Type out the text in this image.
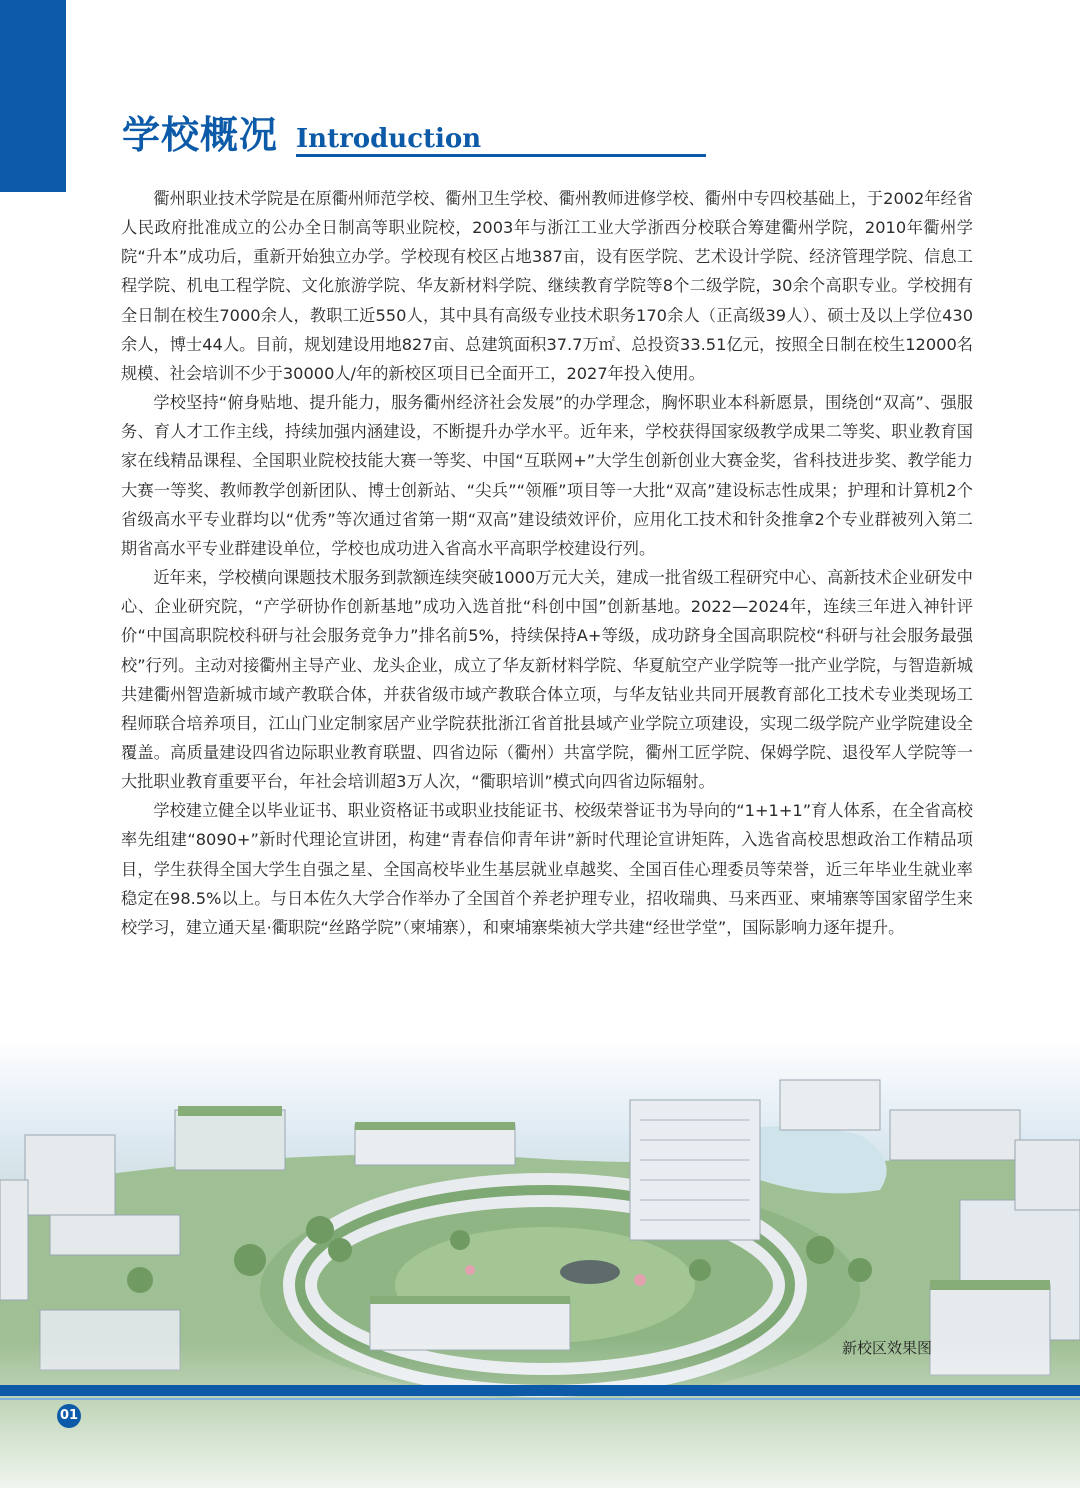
学校概况 Introduction

衢州职业技术学院是在原衢州师范学校、衢州卫生学校、衢州教师进修学校、衢州中专四校基础上，于2002年经省人民政府批准成立的公办全日制高等职业院校，2003年与浙江工业大学浙西分校联合筹建衢州学院，2010年衢州学院“升本”成功后，重新开始独立办学。学校现有校区占地387亩，设有医学院、艺术设计学院、经济管理学院、信息工程学院、机电工程学院、文化旅游学院、华友新材料学院、继续教育学院等8个二级学院，30余个高职专业。学校拥有全日制在校生7000余人，教职工近550人，其中具有高级专业技术职务170余人（正高级39人）、硕士及以上学位430余人，博士44人。目前，规划建设用地827亩、总建筑面积37.7万㎡、总投资33.51亿元，按照全日制在校生12000名规模、社会培训不少于30000人/年的新校区项目已全面开工，2027年投入使用。

学校坚持“俯身贴地、提升能力，服务衢州经济社会发展”的办学理念，胸怀职业本科新愿景，围绕创“双高”、强服务、育人才工作主线，持续加强内涵建设，不断提升办学水平。近年来，学校获得国家级教学成果二等奖、职业教育国家在线精品课程、全国职业院校技能大赛一等奖、中国“互联网+”大学生创新创业大赛金奖，省科技进步奖、教学能力大赛一等奖、教师教学创新团队、博士创新站、“尖兵”“领雁”项目等一大批“双高”建设标志性成果；护理和计算机2个省级高水平专业群均以“优秀”等次通过省第一期“双高”建设绩效评价，应用化工技术和针灸推拿2个专业群被列入第二期省高水平专业群建设单位，学校也成功进入省高水平高职学校建设行列。

近年来，学校横向课题技术服务到款额连续突破1000万元大关，建成一批省级工程研究中心、高新技术企业研发中心、企业研究院，“产学研协作创新基地”成功入选首批“科创中国”创新基地。2022—2024年，连续三年进入神针评价“中国高职院校科研与社会服务竞争力”排名前5%，持续保持A+等级，成功跻身全国高职院校“科研与社会服务最强校”行列。主动对接衢州主导产业、龙头企业，成立了华友新材料学院、华夏航空产业学院等一批产业学院，与智造新城共建衢州智造新城市域产教联合体，并获省级市域产教联合体立项，与华友钴业共同开展教育部化工技术专业类现场工程师联合培养项目，江山门业定制家居产业学院获批浙江省首批县域产业学院立项建设，实现二级学院产业学院建设全覆盖。高质量建设四省边际职业教育联盟、四省边际（衢州）共富学院，衢州工匠学院、保姆学院、退役军人学院等一大批职业教育重要平台，年社会培训超3万人次，“衢职培训”模式向四省边际辐射。

学校建立健全以毕业证书、职业资格证书或职业技能证书、校级荣誉证书为导向的“1+1+1”育人体系，在全省高校率先组建“8090+”新时代理论宣讲团，构建“青春信仰青年讲”新时代理论宣讲矩阵，入选省高校思想政治工作精品项目，学生获得全国大学生自强之星、全国高校毕业生基层就业卓越奖、全国百佳心理委员等荣誉，近三年毕业生就业率稳定在98.5%以上。与日本佐久大学合作举办了全国首个养老护理专业，招收瑞典、马来西亚、柬埔寨等国家留学生来校学习，建立通天星·衢职院“丝路学院”（柬埔寨），和柬埔寨柴祯大学共建“经世学堂”，国际影响力逐年提升。

新校区效果图
01
